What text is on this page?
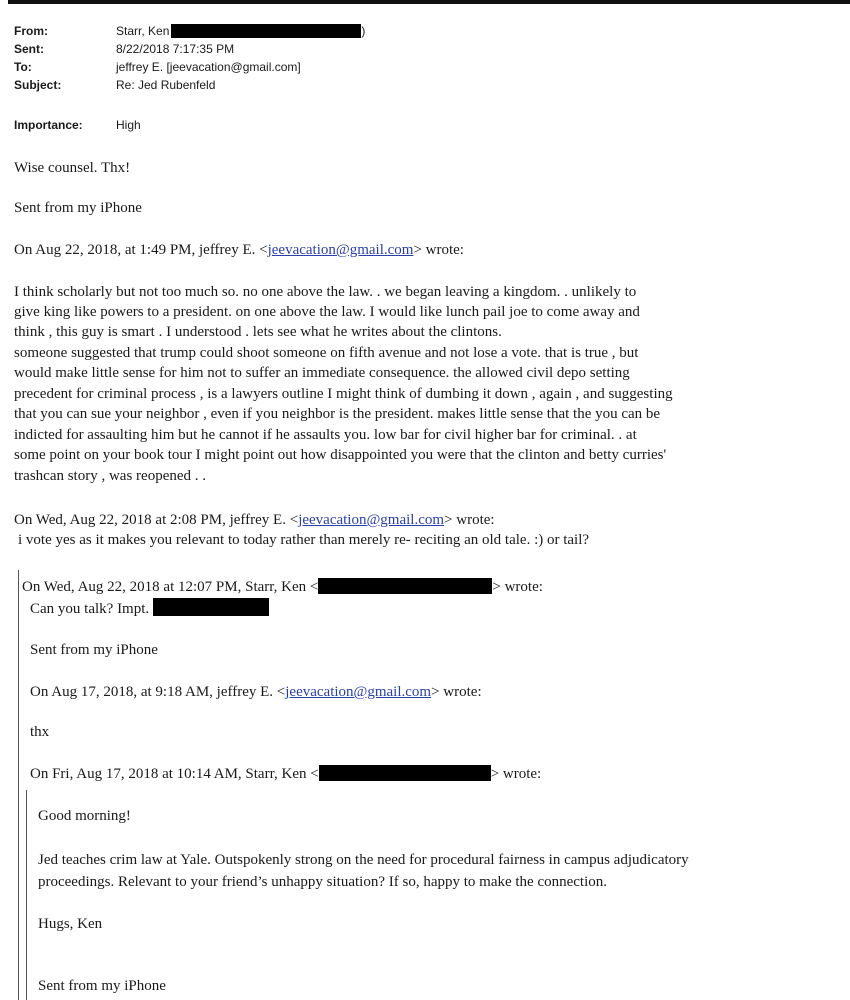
From:	Starr, Ken	)
Sent:	8/22/2018 7:17:35 PM
To:	jeffrey E. [jeevacation@gmail.com]
Subject:	Re: Jed Rubenfeld
Importance:	High
Wise counsel. Thx!
Sent from my iPhone
On Aug 22, 2018, at 1:49 PM, jeffrey E. <jeevacation@gmail.com> wrote:
I think scholarly but not too much so. no one above the law. . we began leaving a kingdom. . unlikely to
give king like powers to a president. on one above the law. I would like lunch pail joe to come away and
think , this guy is smart . I understood . lets see what he writes about the clintons.
someone suggested that trump could shoot someone on fifth avenue and not lose a vote. that is true , but
would make little sense for him not to suffer an immediate consequence. the allowed civil depo setting
precedent for criminal process , is a lawyers outline I might think of dumbing it down , again , and suggesting
that you can sue your neighbor , even if you neighbor is the president. makes little sense that the you can be
indicted for assaulting him but he cannot if he assaults you. low bar for civil higher bar for criminal. . at
some point on your book tour I might point out how disappointed you were that the clinton and betty curries'
trashcan story , was reopened . .
On Wed, Aug 22, 2018 at 2:08 PM, jeffrey E. <jeevacation@gmail.com> wrote:
i vote yes as it makes you relevant to today rather than merely re- reciting an old tale. :) or tail?
On Wed, Aug 22, 2018 at 12:07 PM, Starr, Ken <	> wrote:
Can you talk? Impt.
Sent from my iPhone
On Aug 17, 2018, at 9:18 AM, jeffrey E. <jeevacation@gmail.com> wrote:
thx
On Fri, Aug 17, 2018 at 10:14 AM, Starr, Ken <	> wrote:
Good morning!
Jed teaches crim law at Yale. Outspokenly strong on the need for procedural fairness in campus adjudicatory
proceedings. Relevant to your friend’s unhappy situation? If so, happy to make the connection.
Hugs, Ken
Sent from my iPhone
